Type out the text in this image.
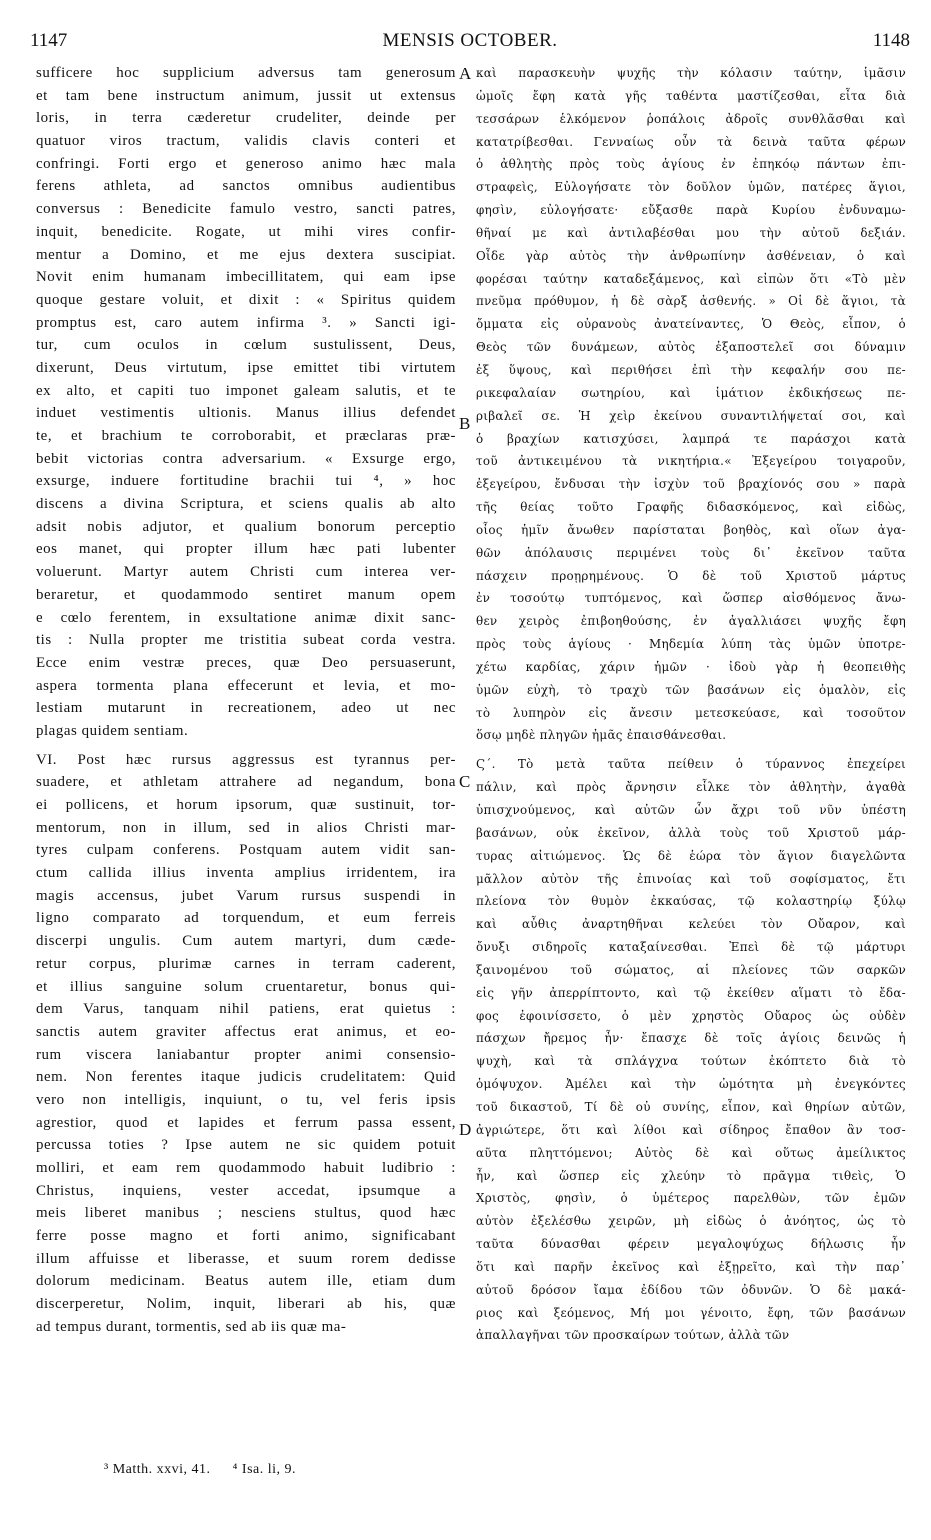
1147	MENSIS OCTOBER.	1148
sufficere hoc supplicium adversus tam generosum
et tam bene instructum animum, jussit ut extensus
loris, in terra cæderetur crudeliter, deinde per
quatuor viros tractum, validis clavis conteri et
confringi. Forti ergo et generoso animo hæc mala
ferens athleta, ad sanctos omnibus audientibus
conversus : Benedicite famulo vestro, sancti patres,
inquit, benedicite. Rogate, ut mihi vires confir-
mentur a Domino, et me ejus dextera suscipiat.
Novit enim humanam imbecillitatem, qui eam ipse
quoque gestare voluit, et dixit : « Spiritus quidem
promptus est, caro autem infirma ³. » Sancti igi-
tur, cum oculos in cœlum sustulissent, Deus,
dixerunt, Deus virtutum, ipse emittet tibi virtutem
ex alto, et capiti tuo imponet galeam salutis, et te
induet vestimentis ultionis. Manus illius defendet
te, et brachium te corroborabit, et præclaras præ-
bebit victorias contra adversarium. « Exsurge ergo,
exsurge, induere fortitudine brachii tui ⁴, » hoc
discens a divina Scriptura, et sciens qualis ab alto
adsit nobis adjutor, et qualium bonorum perceptio
eos manet, qui propter illum hæc pati lubenter
voluerunt. Martyr autem Christi cum interea ver-
beraretur, et quodammodo sentiret manum opem
e cœlo ferentem, in exsultatione animæ dixit sanc-
tis : Nulla propter me tristitia subeat corda vestra.
Ecce enim vestræ preces, quæ Deo persuaserunt,
aspera tormenta plana effecerunt et levia, et mo-
lestiam mutarunt in recreationem, adeo ut nec
plagas quidem sentiam.
VI. Post hæc rursus aggressus est tyrannus per-
suadere, et athletam attrahere ad negandum, bona
ei pollicens, et horum ipsorum, quæ sustinuit, tor-
mentorum, non in illum, sed in alios Christi mar-
tyres culpam conferens. Postquam autem vidit san-
ctum callida illius inventa amplius irridentem, ira
magis accensus, jubet Varum rursus suspendi in
ligno comparato ad torquendum, et eum ferreis
discerpi ungulis. Cum autem martyri, dum cæde-
retur corpus, plurimæ carnes in terram caderent,
et illius sanguine solum cruentaretur, bonus qui-
dem Varus, tanquam nihil patiens, erat quietus :
sanctis autem graviter affectus erat animus, et eo-
rum viscera laniabantur propter animi consensio-
nem. Non ferentes itaque judicis crudelitatem: Quid
vero non intelligis, inquiunt, o tu, vel feris ipsis
agrestior, quod et lapides et ferrum passa essent,
percussa toties ? Ipse autem ne sic quidem potuit
molliri, et eam rem quodammodo habuit ludibrio :
Christus, inquiens, vester accedat, ipsumque a
meis liberet manibus ; nesciens stultus, quod hæc
ferre posse magno et forti animo, significabant
illum affuisse et liberasse, et suum rorem dedisse
dolorum medicinam. Beatus autem ille, etiam dum
discerperetur, Nolim, inquit, liberari ab his, quæ
ad tempus durant, tormentis, sed ab iis quæ ma-
καὶ παρασκευὴν ψυχῆς τὴν κόλασιν ταύτην, ἱμᾶσιν
ὠμοῖς ἔφη κατὰ γῆς ταθέντα μαστίζεσθαι, εἶτα διὰ
τεσσάρων ἑλκόμενον ῥοπάλοις ἀδροῖς συνθλᾶσθαι καὶ
κατατρίβεσθαι. Γενναίως οὖν τὰ δεινὰ ταῦτα φέρων
ὁ ἀθλητὴς πρὸς τοὺς ἁγίους ἐν ἐπηκόῳ πάντων ἐπι-
στραφεὶς, Εὐλογήσατε τὸν δοῦλον ὑμῶν, πατέρες ἅγιοι,
φησὶν, εὐλογήσατε· εὔξασθε παρὰ Κυρίου ἐνδυναμω-
θῆναί με καὶ ἀντιλαβέσθαι μου τὴν αὐτοῦ δεξιάν.
Οἶδε γὰρ αὐτὸς τὴν ἀνθρωπίνην ἀσθένειαν, ὁ καὶ
φορέσαι ταύτην καταδεξάμενος, καὶ εἰπὼν ὅτι «Τὸ μὲν
πνεῦμα πρόθυμον, ἡ δὲ σὰρξ ἀσθενής. » Οἱ δὲ ἅγιοι, τὰ
ὄμματα εἰς οὐρανοὺς ἀνατείναντες, Ὁ Θεὸς, εἶπον, ὁ
Θεὸς τῶν δυνάμεων, αὐτὸς ἐξαποστελεῖ σοι δύναμιν
ἐξ ὕψους, καὶ περιθήσει ἐπὶ τὴν κεφαλήν σου πε-
ρικεφαλαίαν σωτηρίου, καὶ ἱμάτιον ἐκδικήσεως πε-
ριβαλεῖ σε. Ἡ χεὶρ ἐκείνου συναντιλήψεταί σοι, καὶ
ὁ βραχίων κατισχύσει, λαμπρά τε παράσχοι κατὰ
τοῦ ἀντικειμένου τὰ νικητήρια.« Ἐξεγείρου τοιγαροῦν,
ἐξεγείρου, ἔνδυσαι τὴν ἰσχὺν τοῦ βραχίονός σου » παρὰ
τῆς θείας τοῦτο Γραφῆς διδασκόμενος, καὶ εἰδὼς,
οἷος ἡμῖν ἄνωθεν παρίσταται βοηθὸς, καὶ οἵων ἀγα-
θῶν ἀπόλαυσις περιμένει τοὺς δι᾽ ἐκεῖνον ταῦτα
πάσχειν προῃρημένους. Ὁ δὲ τοῦ Χριστοῦ μάρτυς
ἐν τοσούτῳ τυπτόμενος, καὶ ὥσπερ αἰσθόμενος ἄνω-
θεν χειρὸς ἐπιβοηθούσης, ἐν ἀγαλλιάσει ψυχῆς ἔφη
πρὸς τοὺς ἁγίους · Μηδεμία λύπη τὰς ὑμῶν ὑποτρε-
χέτω καρδίας, χάριν ἡμῶν · ἰδοὺ γὰρ ἡ θεοπειθὴς
ὑμῶν εὐχὴ, τὸ τραχὺ τῶν βασάνων εἰς ὁμαλὸν, εἰς
τὸ λυπηρὸν εἰς ἄνεσιν μετεσκεύασε, καὶ τοσοῦτον
ὅσῳ μηδὲ πληγῶν ἡμᾶς ἐπαισθάνεσθαι.
Ϛ΄. Τὸ μετὰ ταῦτα πείθειν ὁ τύραννος ἐπεχείρει
πάλιν, καὶ πρὸς ἄρνησιν εἷλκε τὸν ἀθλητὴν, ἀγαθὰ
ὑπισχνούμενος, καὶ αὐτῶν ὧν ἄχρι τοῦ νῦν ὑπέστη
βασάνων, οὐκ ἐκεῖνον, ἀλλὰ τοὺς τοῦ Χριστοῦ μάρ-
τυρας αἰτιώμενος. Ὡς δὲ ἑώρα τὸν ἅγιον διαγελῶντα
μᾶλλον αὐτὸν τῆς ἐπινοίας καὶ τοῦ σοφίσματος, ἔτι
πλείονα τὸν θυμὸν ἐκκαύσας, τῷ κολαστηρίῳ ξύλῳ
καὶ αὖθις ἀναρτηθῆναι κελεύει τὸν Οὔαρον, καὶ
ὄνυξι σιδηροῖς καταξαίνεσθαι. Ἐπεὶ δὲ τῷ μάρτυρι
ξαινομένου τοῦ σώματος, αἱ πλείονες τῶν σαρκῶν
εἰς γῆν ἀπερρίπτοντο, καὶ τῷ ἐκείθεν αἵματι τὸ ἔδα-
φος ἐφοινίσσετο, ὁ μὲν χρηστὸς Οὔαρος ὡς οὐδὲν
πάσχων ἤρεμος ἦν· ἔπασχε δὲ τοῖς ἁγίοις δεινῶς ἡ
ψυχὴ, καὶ τὰ σπλάγχνα τούτων ἐκόπτετο διὰ τὸ
ὁμόψυχον. Ἀμέλει καὶ τὴν ὠμότητα μὴ ἐνεγκόντες
τοῦ δικαστοῦ, Τί δὲ οὐ συνίης, εἶπον, καὶ θηρίων αὐτῶν,
ἀγριώτερε, ὅτι καὶ λίθοι καὶ σίδηρος ἔπαθον ἂν τοσ-
αῦτα πληττόμενοι; Αὐτὸς δὲ καὶ οὕτως ἀμείλικτος
ἦν, καὶ ὥσπερ εἰς χλεύην τὸ πρᾶγμα τιθεὶς, Ὁ
Χριστὸς, φησὶν, ὁ ὑμέτερος παρελθὼν, τῶν ἐμῶν
αὐτὸν ἐξελέσθω χειρῶν, μὴ εἰδὼς ὁ ἀνόητος, ὡς τὸ
ταῦτα δύνασθαι φέρειν μεγαλοψύχως δήλωσις ἦν
ὅτι καὶ παρῆν ἐκεῖνος καὶ ἐξῃρεῖτο, καὶ τὴν παρ᾽
αὐτοῦ δρόσον ἴαμα ἐδίδου τῶν ὀδυνῶν. Ὁ δὲ μακά-
ριος καὶ ξεόμενος, Μή μοι γένοιτο, ἔφη, τῶν βασάνων
ἀπαλλαγῆναι τῶν προσκαίρων τούτων, ἀλλὰ τῶν
A
B
C
D
³ Matth. xxvi, 41. ⁴ Isa. li, 9.
